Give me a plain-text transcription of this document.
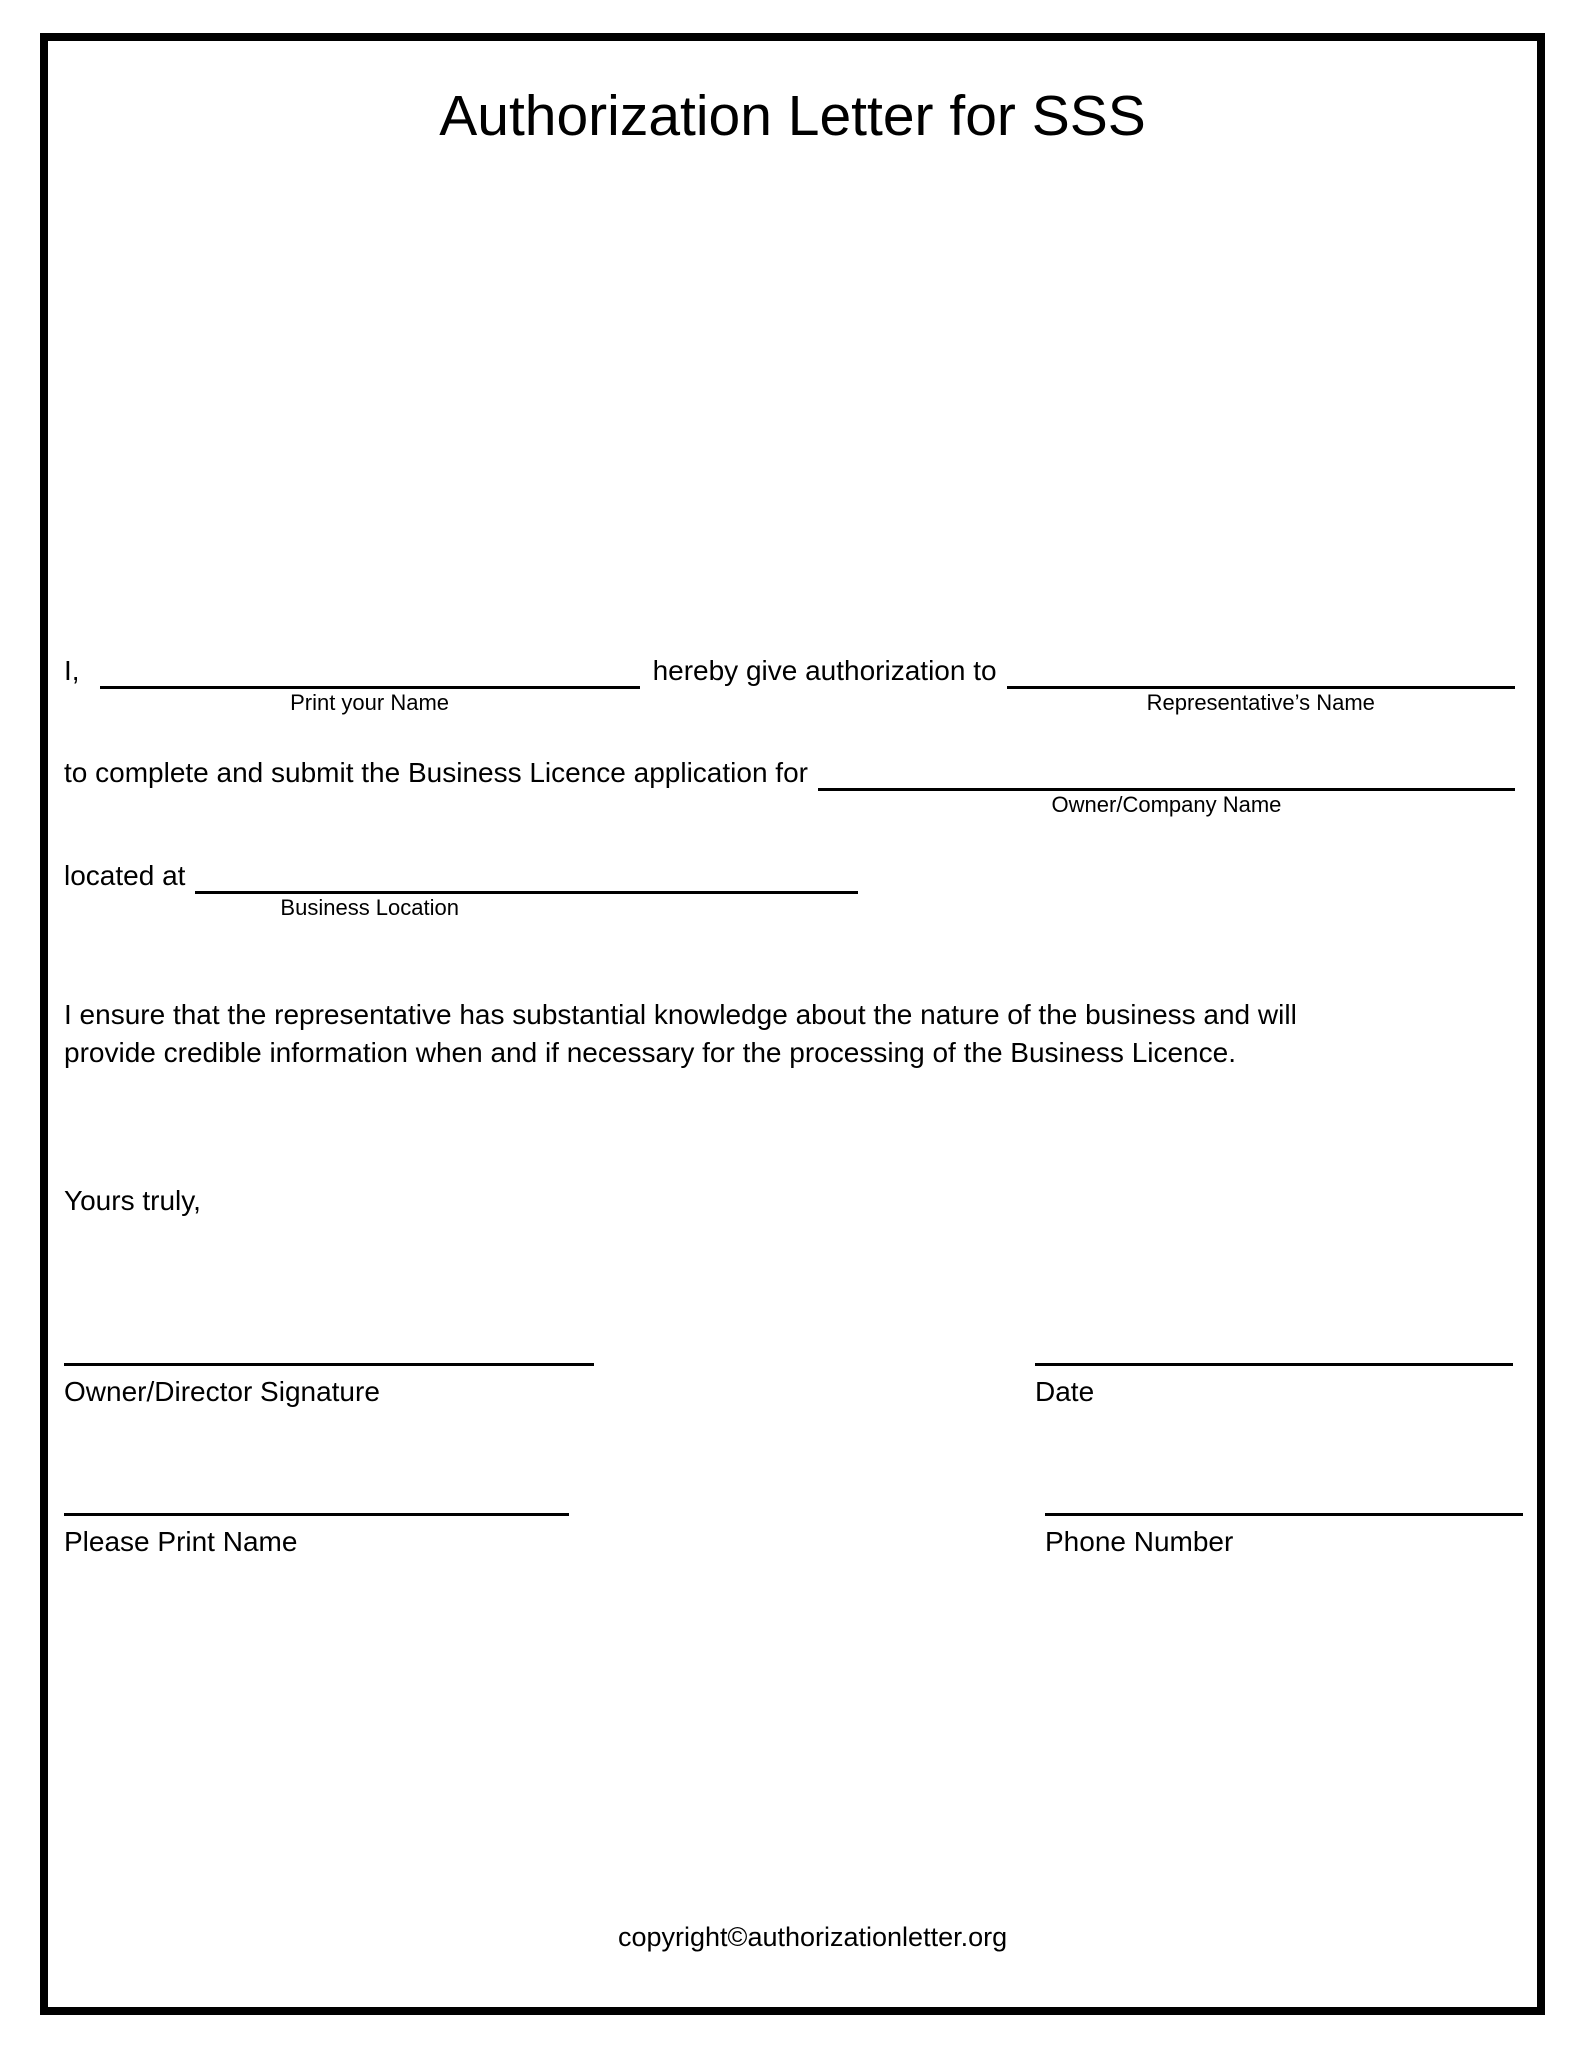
Authorization Letter for SSS
I,
Print your Name
hereby give authorization to
Representative’s Name
to complete and submit the Business Licence application for
Owner/Company Name
located at
Business Location
I ensure that the representative has substantial knowledge about the nature of the business and will
provide credible information when and if necessary for the processing of the Business Licence.
Yours truly,
Owner/Director Signature	Date
Please Print Name	Phone Number
copyright©authorizationletter.org
